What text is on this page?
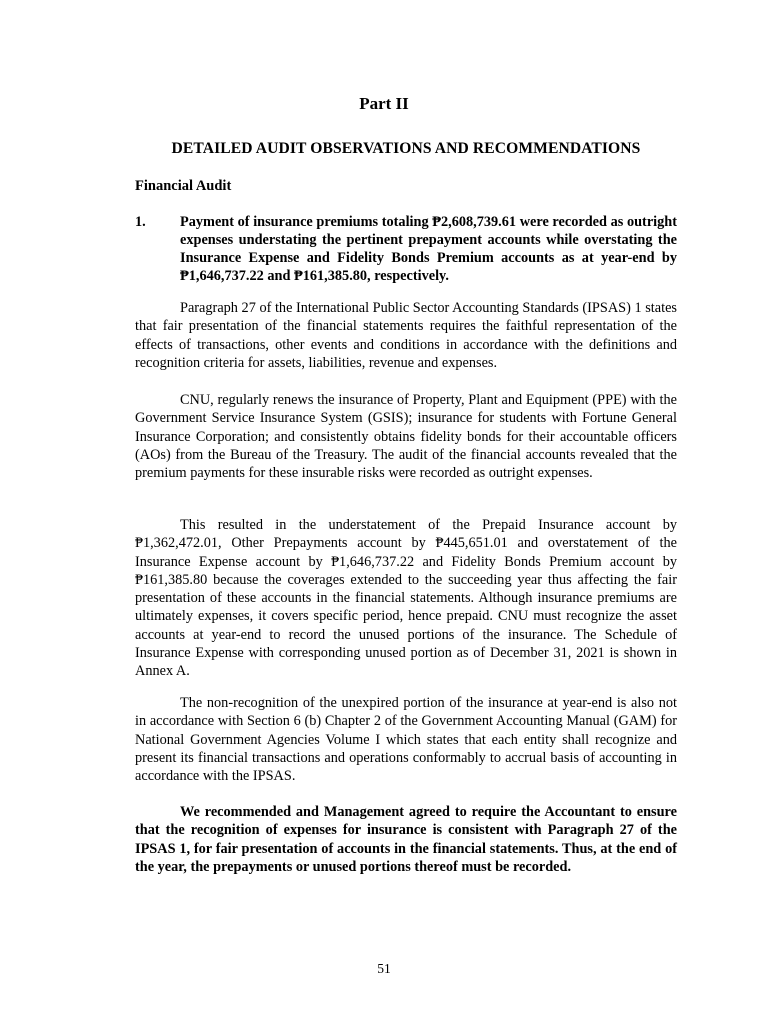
Part II
DETAILED AUDIT OBSERVATIONS AND RECOMMENDATIONS
Financial Audit
1. Payment of insurance premiums totaling ₱2,608,739.61 were recorded as outright expenses understating the pertinent prepayment accounts while overstating the Insurance Expense and Fidelity Bonds Premium accounts as at year-end by ₱1,646,737.22 and ₱161,385.80, respectively.

Paragraph 27 of the International Public Sector Accounting Standards (IPSAS) 1 states that fair presentation of the financial statements requires the faithful representation of the effects of transactions, other events and conditions in accordance with the definitions and recognition criteria for assets, liabilities, revenue and expenses.

CNU, regularly renews the insurance of Property, Plant and Equipment (PPE) with the Government Service Insurance System (GSIS); insurance for students with Fortune General Insurance Corporation; and consistently obtains fidelity bonds for their accountable officers (AOs) from the Bureau of the Treasury. The audit of the financial accounts revealed that the premium payments for these insurable risks were recorded as outright expenses.

This resulted in the understatement of the Prepaid Insurance account by ₱1,362,472.01, Other Prepayments account by ₱445,651.01 and overstatement of the Insurance Expense account by ₱1,646,737.22 and Fidelity Bonds Premium account by ₱161,385.80 because the coverages extended to the succeeding year thus affecting the fair presentation of these accounts in the financial statements. Although insurance premiums are ultimately expenses, it covers specific period, hence prepaid. CNU must recognize the asset accounts at year-end to record the unused portions of the insurance. The Schedule of Insurance Expense with corresponding unused portion as of December 31, 2021 is shown in Annex A.

The non-recognition of the unexpired portion of the insurance at year-end is also not in accordance with Section 6 (b) Chapter 2 of the Government Accounting Manual (GAM) for National Government Agencies Volume I which states that each entity shall recognize and present its financial transactions and operations conformably to accrual basis of accounting in accordance with the IPSAS.

We recommended and Management agreed to require the Accountant to ensure that the recognition of expenses for insurance is consistent with Paragraph 27 of the IPSAS 1, for fair presentation of accounts in the financial statements. Thus, at the end of the year, the prepayments or unused portions thereof must be recorded.

51
